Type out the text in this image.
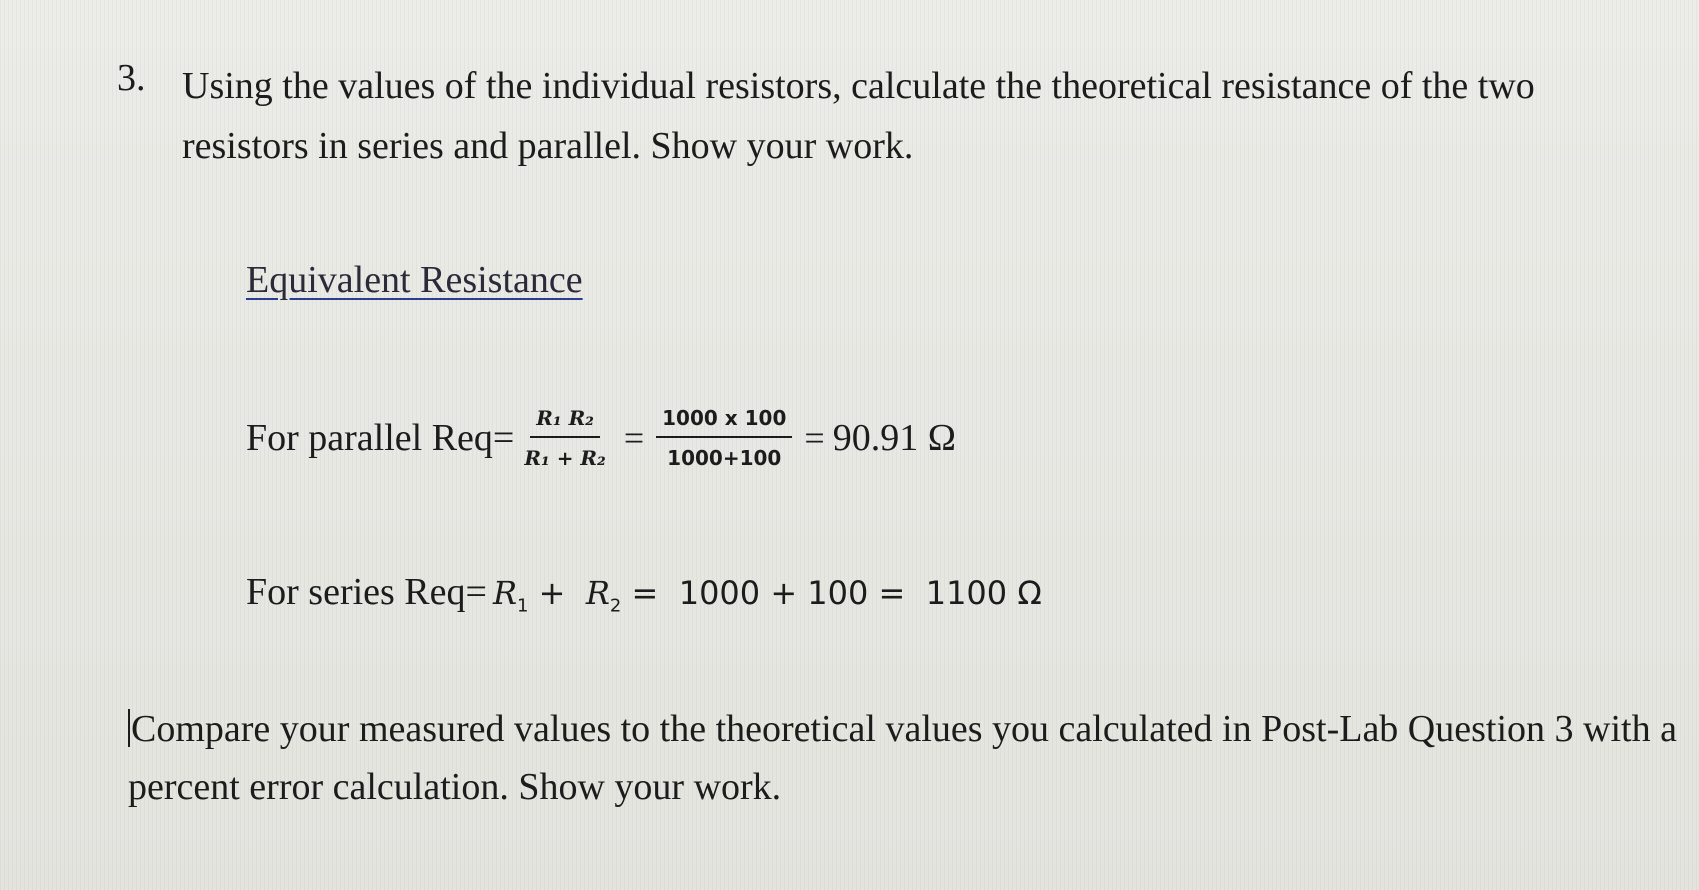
3. Using the values of the individual resistors, calculate the theoretical resistance of the two resistors in series and parallel. Show your work.
Equivalent Resistance
For parallel $Req= \frac{\text{R₁ R₂}}{\text{R₁ + R₂}} = \frac{1000 x 100}{1000+100} = 90.91$ Ω
For series $Req= R_1 + R_2 = 1000 + 100 = 1100$ Ω
Compare your measured values to the theoretical values you calculated in Post-Lab Question 3 with a percent error calculation. Show your work.
